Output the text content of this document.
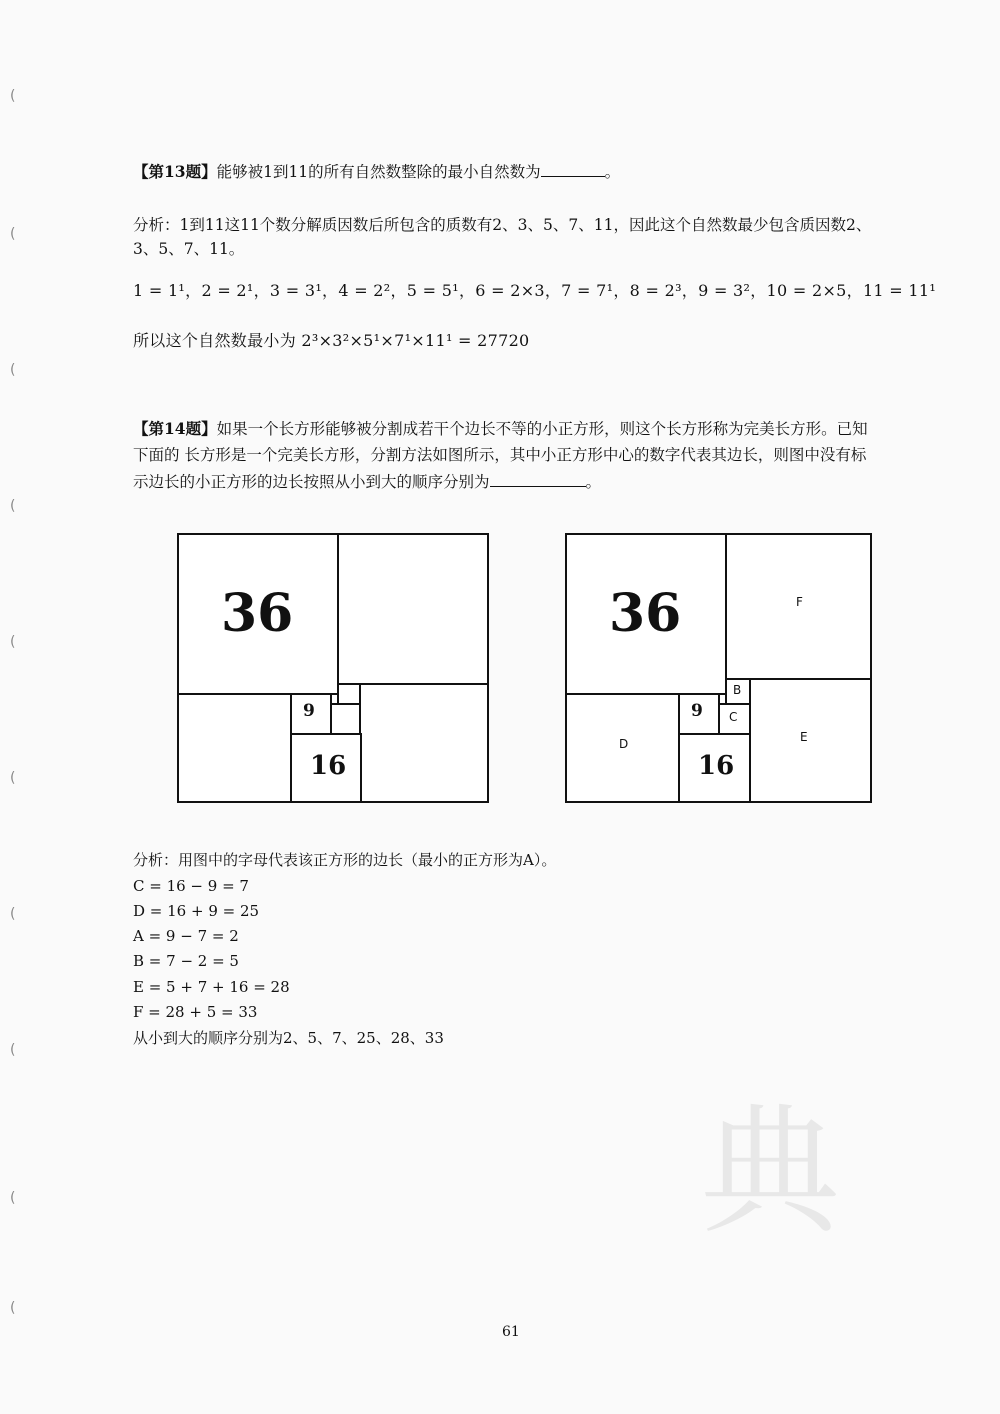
(
(
(
(
(
(
(
(
(
(
典
【第13题】能够被1到11的所有自然数整除的最小自然数为	。
分析：1到11这11个数分解质因数后所包含的质数有2、3、5、7、11，因此这个自然数最少包含质因数2、
3、5、7、11。
1 = 1¹，2 = 2¹，3 = 3¹，4 = 2²，5 = 5¹，6 = 2×3，7 = 7¹，8 = 2³，9 = 3²，10 = 2×5，11 = 11¹
所以这个自然数最小为 2³×3²×5¹×7¹×11¹ = 27720
【第14题】如果一个长方形能够被分割成若干个边长不等的小正方形，则这个长方形称为完美长方形。已知
下面的 长方形是一个完美长方形，分割方法如图所示，其中小正方形中心的数字代表其边长，则图中没有标
示边长的小正方形的边长按照从小到大的顺序分别为	。
36
9
16
36	F
D
9
B
C
E
16
分析：用图中的字母代表该正方形的边长（最小的正方形为A）。
C = 16 − 9 = 7
D = 16 + 9 = 25
A = 9 − 7 = 2
B = 7 − 2 = 5
E = 5 + 7 + 16 = 28
F = 28 + 5 = 33
从小到大的顺序分别为2、5、7、25、28、33
61
